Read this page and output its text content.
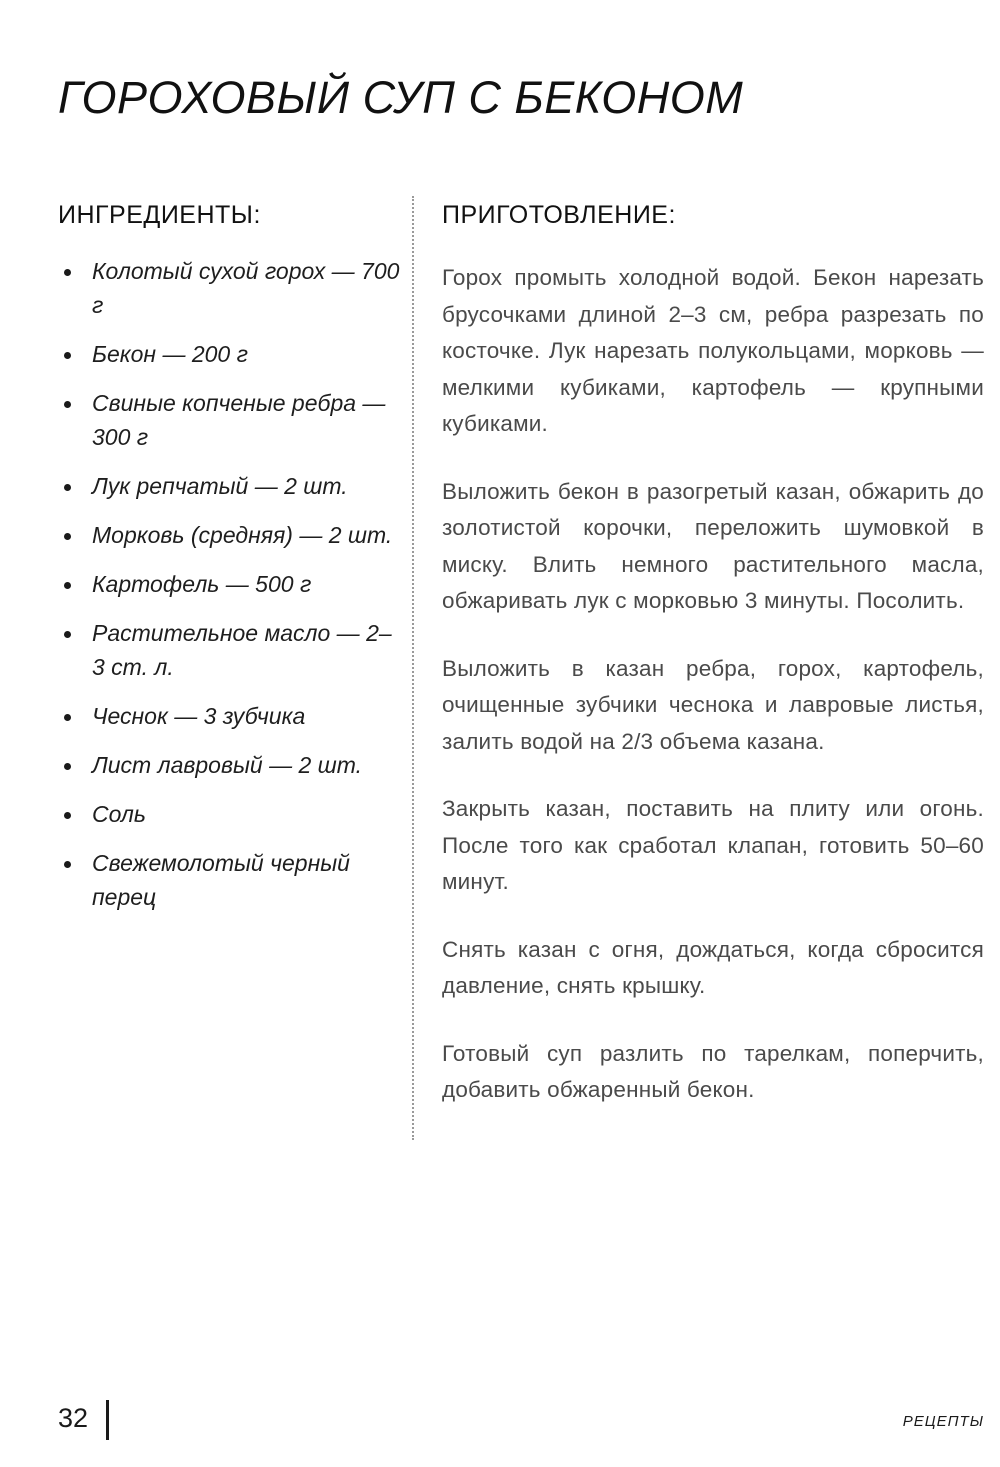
ГОРОХОВЫЙ СУП С БЕКОНОМ
ИНГРЕДИЕНТЫ:
Колотый сухой горох — 700 г
Бекон — 200 г
Свиные копченые ребра — 300 г
Лук репчатый — 2 шт.
Морковь (средняя) — 2 шт.
Картофель — 500 г
Растительное масло — 2–3 ст. л.
Чеснок — 3 зубчика
Лист лавровый — 2 шт.
Соль
Свежемолотый черный перец
ПРИГОТОВЛЕНИЕ:

Горох промыть холодной водой. Бекон нарезать брусочками длиной 2–3 см, ребра разрезать по косточке. Лук нарезать полукольцами, морковь — мелкими кубиками, картофель — крупными кубиками.

Выложить бекон в разогретый казан, обжарить до золотистой корочки, переложить шумовкой в миску. Влить немного растительного масла, обжаривать лук с морковью 3 минуты. Посолить.

Выложить в казан ребра, горох, картофель, очищенные зубчики чеснока и лавровые листья, залить водой на 2/3 объема казана.

Закрыть казан, поставить на плиту или огонь. После того как сработал клапан, готовить 50–60 минут.

Снять казан с огня, дождаться, когда сбросится давление, снять крышку.

Готовый суп разлить по тарелкам, поперчить, добавить обжаренный бекон.

32	РЕЦЕПТЫ
